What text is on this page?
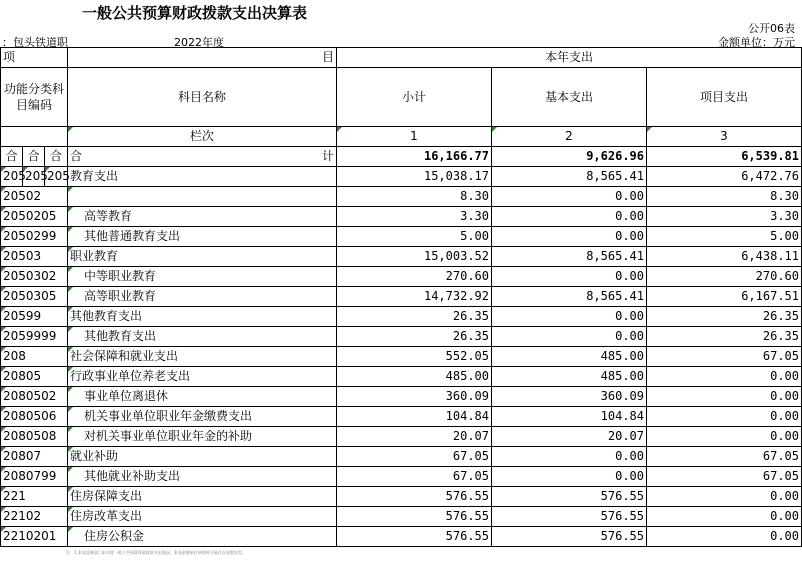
一般公共预算财政拨款支出决算表
公开06表
：包头铁道职	2022年度	金额单位：万元
项			目	本年支出		
功能分类科目编码			科目名称	小计	基本支出	项目支出
			栏次	1	2	3
合	合	合	合 计	16,166.77	9,626.96	6,539.81
205	205	205	教育支出	15,038.17	8,565.41	6,472.76
20502				8.30	0.00	8.30
2050205			高等教育	3.30	0.00	3.30
2050299			其他普通教育支出	5.00	0.00	5.00
20503			职业教育	15,003.52	8,565.41	6,438.11
2050302			中等职业教育	270.60	0.00	270.60
2050305			高等职业教育	14,732.92	8,565.41	6,167.51
20599			其他教育支出	26.35	0.00	26.35
2059999			其他教育支出	26.35	0.00	26.35
208			社会保障和就业支出	552.05	485.00	67.05
20805			行政事业单位养老支出	485.00	485.00	0.00
2080502			事业单位离退休	360.09	360.09	0.00
2080506			机关事业单位职业年金缴费支出	104.84	104.84	0.00
2080508			对机关事业单位职业年金的补助	20.07	20.07	0.00
20807			就业补助	67.05	0.00	67.05
2080799			其他就业补助支出	67.05	0.00	67.05
221			住房保障支出	576.55	576.55	0.00
22102			住房改革支出	576.55	576.55	0.00
2210201			住房公积金	576.55	576.55	0.00
注：1.本表反映部门本年度一般公共预算财政拨款支出情况。本表金额单位转换时可能存在尾数误差。
